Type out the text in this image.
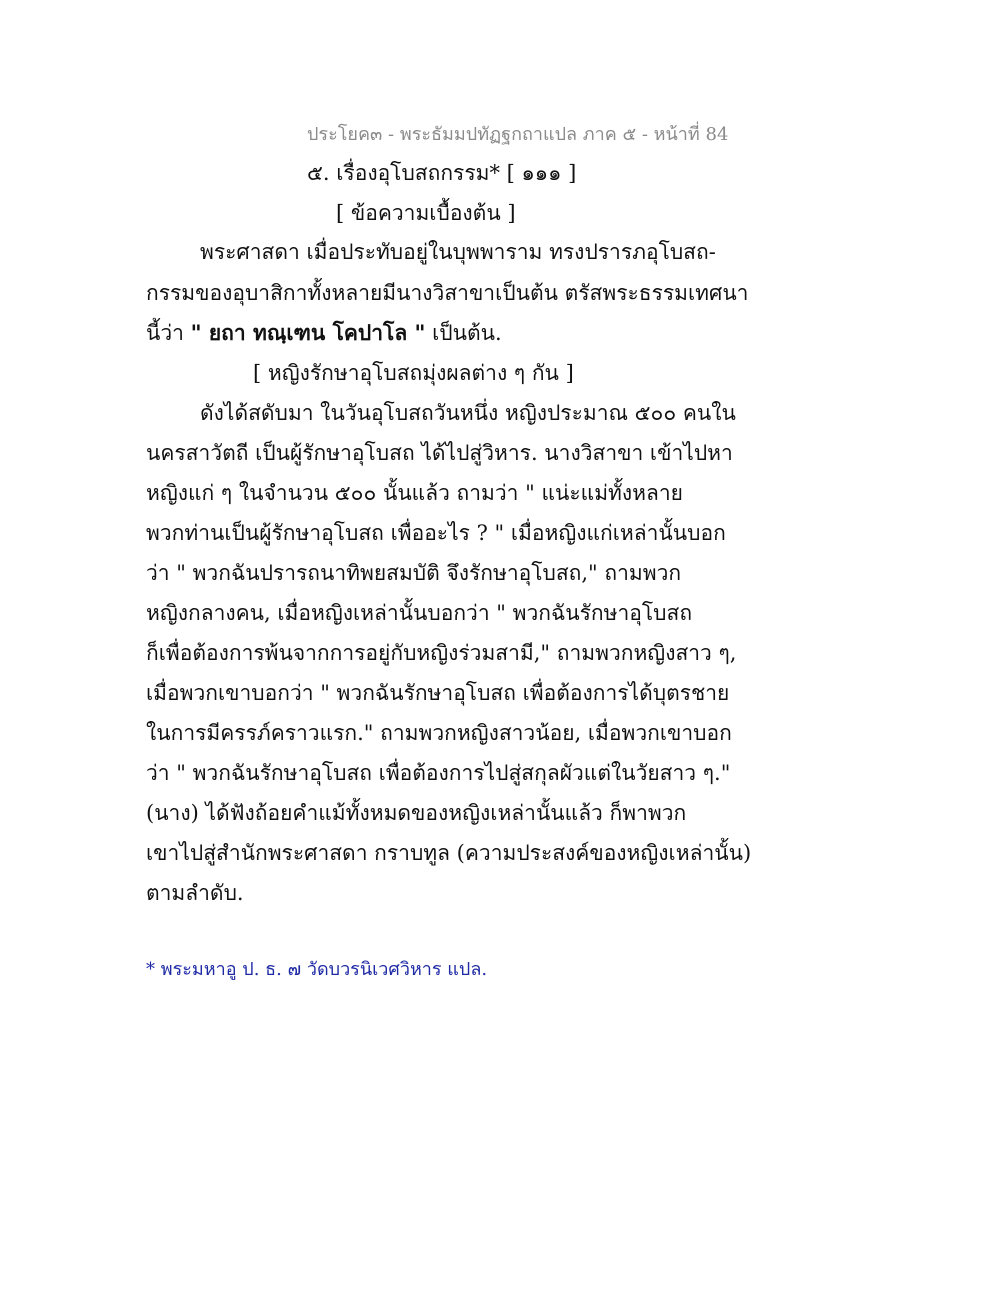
ประโยค๓ - พระธัมมปทัฏฐกถาแปล ภาค ๕ - หน้าที่ 84
๕. เรื่องอุโบสถกรรม* [ ๑๑๑ ]
[ ข้อความเบื้องต้น ]
พระศาสดา เมื่อประทับอยู่ในบุพพาราม ทรงปรารภอุโบสถ-
กรรมของอุบาสิกาทั้งหลายมีนางวิสาขาเป็นต้น ตรัสพระธรรมเทศนา
นี้ว่า " ยถา ทณฺเฑน โคปาโล " เป็นต้น.
[ หญิงรักษาอุโบสถมุ่งผลต่าง ๆ กัน ]
ดังได้สดับมา ในวันอุโบสถวันหนึ่ง หญิงประมาณ ๕๐๐ คนใน
นครสาวัตถี เป็นผู้รักษาอุโบสถ ได้ไปสู่วิหาร. นางวิสาขา เข้าไปหา
หญิงแก่ ๆ ในจำนวน ๕๐๐ นั้นแล้ว ถามว่า " แน่ะแม่ทั้งหลาย
พวกท่านเป็นผู้รักษาอุโบสถ เพื่ออะไร ? " เมื่อหญิงแก่เหล่านั้นบอก
ว่า " พวกฉันปรารถนาทิพยสมบัติ จึงรักษาอุโบสถ," ถามพวก
หญิงกลางคน, เมื่อหญิงเหล่านั้นบอกว่า " พวกฉันรักษาอุโบสถ
ก็เพื่อต้องการพ้นจากการอยู่กับหญิงร่วมสามี," ถามพวกหญิงสาว ๆ,
เมื่อพวกเขาบอกว่า " พวกฉันรักษาอุโบสถ เพื่อต้องการได้บุตรชาย
ในการมีครรภ์คราวแรก." ถามพวกหญิงสาวน้อย, เมื่อพวกเขาบอก
ว่า " พวกฉันรักษาอุโบสถ เพื่อต้องการไปสู่สกุลผัวแต่ในวัยสาว ๆ."
(นาง) ได้ฟังถ้อยคำแม้ทั้งหมดของหญิงเหล่านั้นแล้ว ก็พาพวก
เขาไปสู่สำนักพระศาสดา กราบทูล (ความประสงค์ของหญิงเหล่านั้น)
ตามลำดับ.
* พระมหาอู ป. ธ. ๗ วัดบวรนิเวศวิหาร แปล.
